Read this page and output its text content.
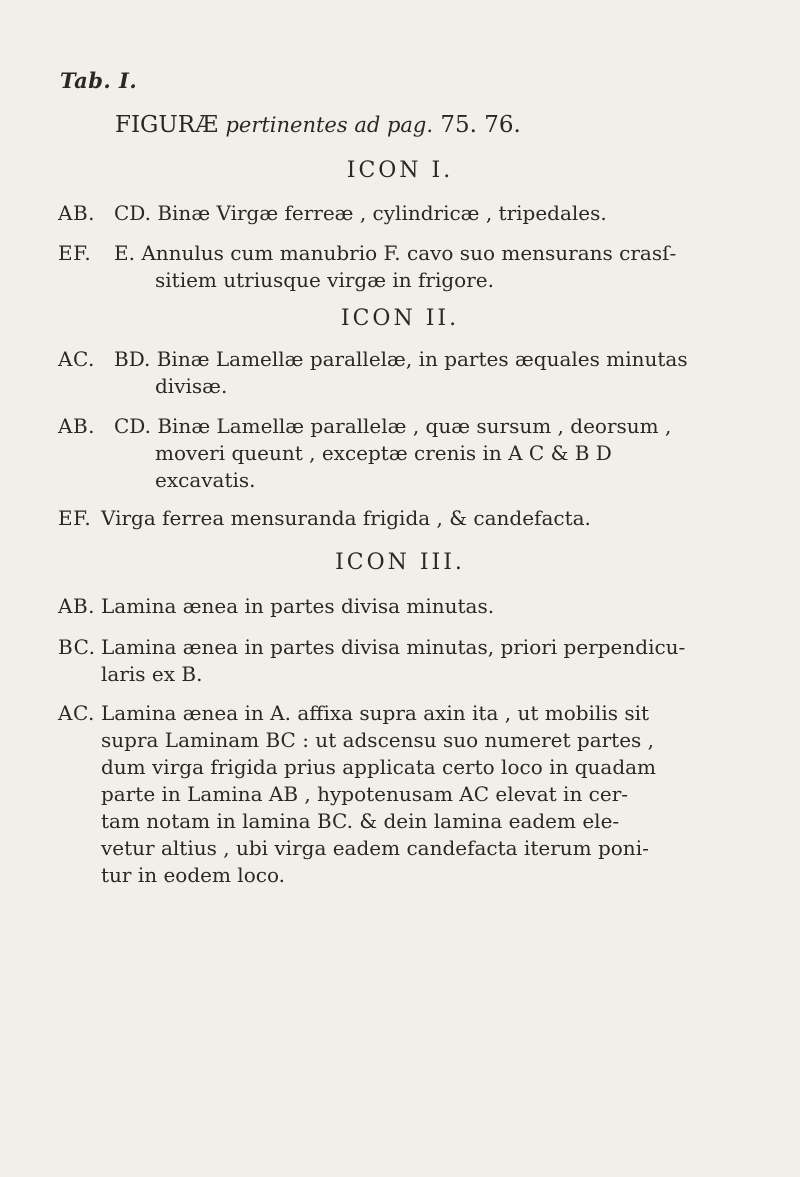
Tab. I.
FIGURÆ pertinentes ad pag. 75. 76.
ICON I.
AB. CD. Binæ Virgæ ferreæ , cylindricæ , tripedales.
EF. E. Annulus cum manubrio F. cavo suo mensurans crasſ-
sitiem utriusque virgæ in frigore.
ICON II.
AC. BD. Binæ Lamellæ parallelæ, in partes æquales minutas
divisæ.
AB. CD. Binæ Lamellæ parallelæ , quæ sursum , deorsum ,
moveri queunt , exceptæ crenis in A C & B D
excavatis.
EF. Virga ferrea mensuranda frigida , & candefacta.
ICON III.
AB. Lamina ænea in partes divisa minutas.
BC. Lamina ænea in partes divisa minutas, priori perpendicu-
laris ex B.
AC. Lamina ænea in A. affixa supra axin ita , ut mobilis sit
supra Laminam BC : ut adscensu suo numeret partes ,
dum virga frigida prius applicata certo loco in quadam
parte in Lamina AB , hypotenusam AC elevat in cer-
tam notam in lamina BC. & dein lamina eadem ele-
vetur altius , ubi virga eadem candefacta iterum poni-
tur in eodem loco.
